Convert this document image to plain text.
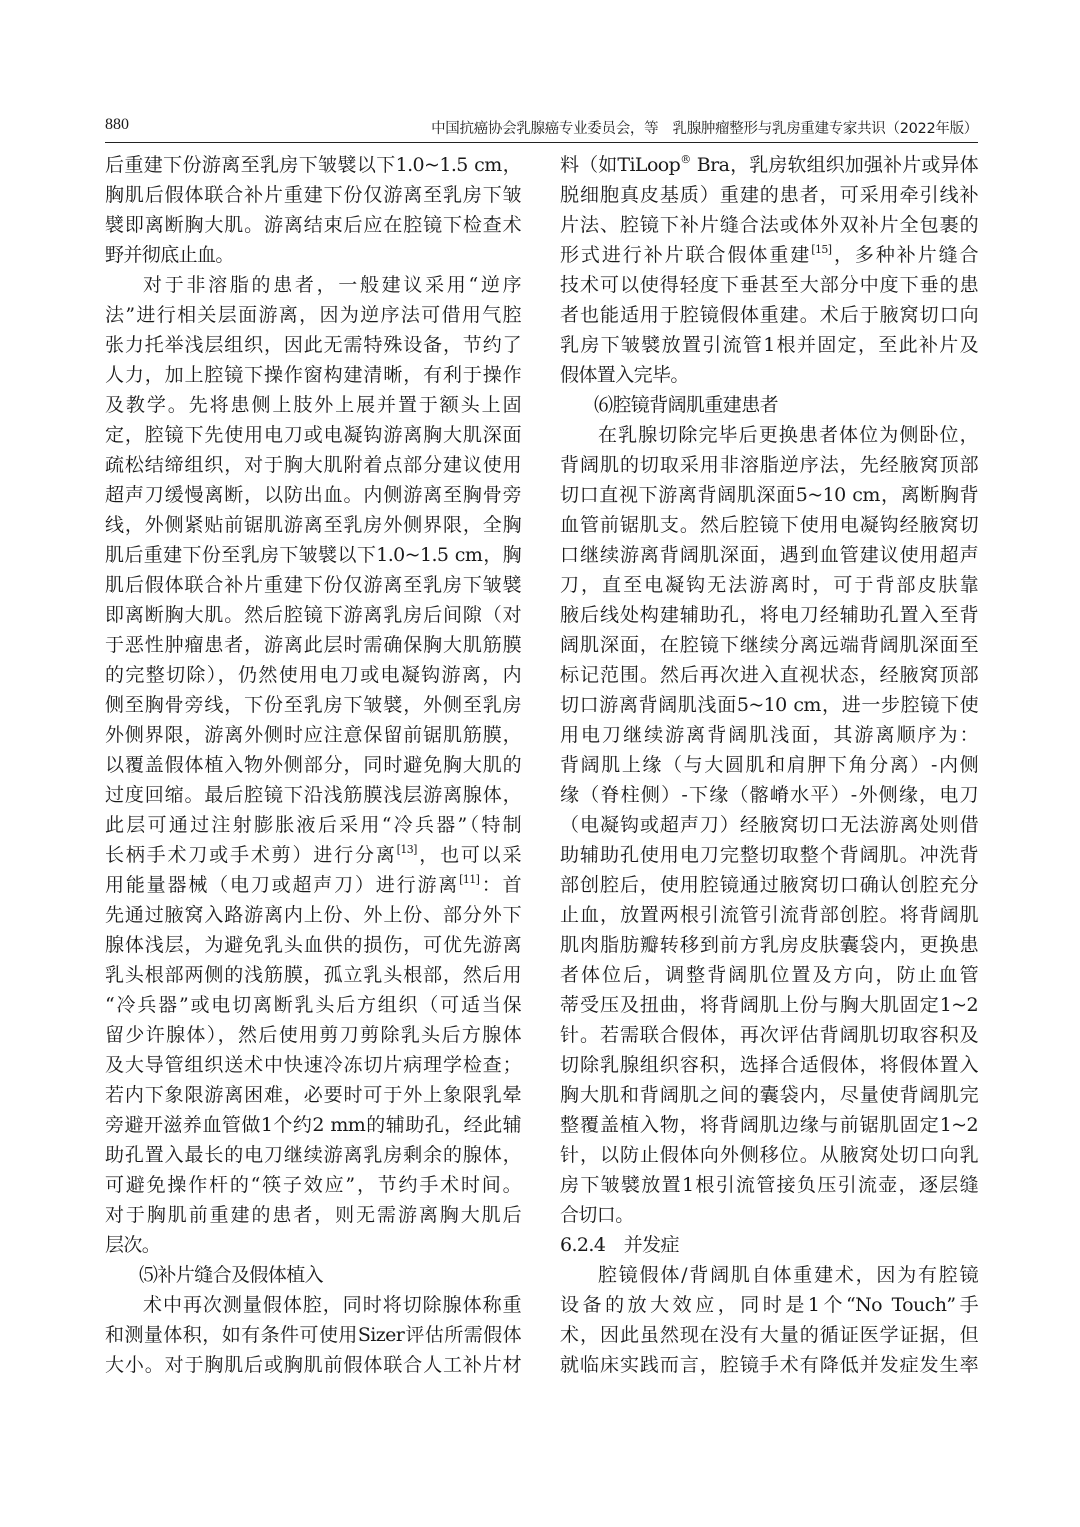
880	中国抗癌协会乳腺癌专业委员会，等　乳腺肿瘤整形与乳房重建专家共识（2022年版）
后重建下份游离至乳房下皱襞以下1.0~1.5 cm，
胸肌后假体联合补片重建下份仅游离至乳房下皱
襞即离断胸大肌。游离结束后应在腔镜下检查术
野并彻底止血。
对于非溶脂的患者，一般建议采用“逆序
法”进行相关层面游离，因为逆序法可借用气腔
张力托举浅层组织，因此无需特殊设备，节约了
人力，加上腔镜下操作窗构建清晰，有利于操作
及教学。先将患侧上肢外上展并置于额头上固
定，腔镜下先使用电刀或电凝钩游离胸大肌深面
疏松结缔组织，对于胸大肌附着点部分建议使用
超声刀缓慢离断，以防出血。内侧游离至胸骨旁
线，外侧紧贴前锯肌游离至乳房外侧界限，全胸
肌后重建下份至乳房下皱襞以下1.0~1.5 cm，胸
肌后假体联合补片重建下份仅游离至乳房下皱襞
即离断胸大肌。然后腔镜下游离乳房后间隙（对
于恶性肿瘤患者，游离此层时需确保胸大肌筋膜
的完整切除），仍然使用电刀或电凝钩游离，内
侧至胸骨旁线，下份至乳房下皱襞，外侧至乳房
外侧界限，游离外侧时应注意保留前锯肌筋膜，
以覆盖假体植入物外侧部分，同时避免胸大肌的
过度回缩。最后腔镜下沿浅筋膜浅层游离腺体，
此层可通过注射膨胀液后采用“冷兵器”（特制
长柄手术刀或手术剪）进行分离[13]，也可以采
用能量器械（电刀或超声刀）进行游离[11]：首
先通过腋窝入路游离内上份、外上份、部分外下
腺体浅层，为避免乳头血供的损伤，可优先游离
乳头根部两侧的浅筋膜，孤立乳头根部，然后用
“冷兵器”或电切离断乳头后方组织（可适当保
留少许腺体），然后使用剪刀剪除乳头后方腺体
及大导管组织送术中快速冷冻切片病理学检查；
若内下象限游离困难，必要时可于外上象限乳晕
旁避开滋养血管做1个约2 mm的辅助孔，经此辅
助孔置入最长的电刀继续游离乳房剩余的腺体，
可避免操作杆的“筷子效应”，节约手术时间。
对于胸肌前重建的患者，则无需游离胸大肌后
层次。
⑸补片缝合及假体植入
术中再次测量假体腔，同时将切除腺体称重
和测量体积，如有条件可使用Sizer评估所需假体
大小。对于胸肌后或胸肌前假体联合人工补片材
料（如TiLoop® Bra，乳房软组织加强补片或异体
脱细胞真皮基质）重建的患者，可采用牵引线补
片法、腔镜下补片缝合法或体外双补片全包裹的
形式进行补片联合假体重建[15]，多种补片缝合
技术可以使得轻度下垂甚至大部分中度下垂的患
者也能适用于腔镜假体重建。术后于腋窝切口向
乳房下皱襞放置引流管1根并固定，至此补片及
假体置入完毕。
⑹腔镜背阔肌重建患者
在乳腺切除完毕后更换患者体位为侧卧位，
背阔肌的切取采用非溶脂逆序法，先经腋窝顶部
切口直视下游离背阔肌深面5~10 cm，离断胸背
血管前锯肌支。然后腔镜下使用电凝钩经腋窝切
口继续游离背阔肌深面，遇到血管建议使用超声
刀，直至电凝钩无法游离时，可于背部皮肤靠
腋后线处构建辅助孔，将电刀经辅助孔置入至背
阔肌深面，在腔镜下继续分离远端背阔肌深面至
标记范围。然后再次进入直视状态，经腋窝顶部
切口游离背阔肌浅面5~10 cm，进一步腔镜下使
用电刀继续游离背阔肌浅面，其游离顺序为：
背阔肌上缘（与大圆肌和肩胛下角分离）-内侧
缘（脊柱侧）-下缘（髂嵴水平）-外侧缘，电刀
（电凝钩或超声刀）经腋窝切口无法游离处则借
助辅助孔使用电刀完整切取整个背阔肌。冲洗背
部创腔后，使用腔镜通过腋窝切口确认创腔充分
止血，放置两根引流管引流背部创腔。将背阔肌
肌肉脂肪瓣转移到前方乳房皮肤囊袋内，更换患
者体位后，调整背阔肌位置及方向，防止血管
蒂受压及扭曲，将背阔肌上份与胸大肌固定1~2
针。若需联合假体，再次评估背阔肌切取容积及
切除乳腺组织容积，选择合适假体，将假体置入
胸大肌和背阔肌之间的囊袋内，尽量使背阔肌完
整覆盖植入物，将背阔肌边缘与前锯肌固定1~2
针，以防止假体向外侧移位。从腋窝处切口向乳
房下皱襞放置1根引流管接负压引流壶，逐层缝
合切口。
6.2.4　并发症
腔镜假体/背阔肌自体重建术，因为有腔镜
设备的放大效应，同时是1个“No Touch”手
术，因此虽然现在没有大量的循证医学证据，但
就临床实践而言，腔镜手术有降低并发症发生率
